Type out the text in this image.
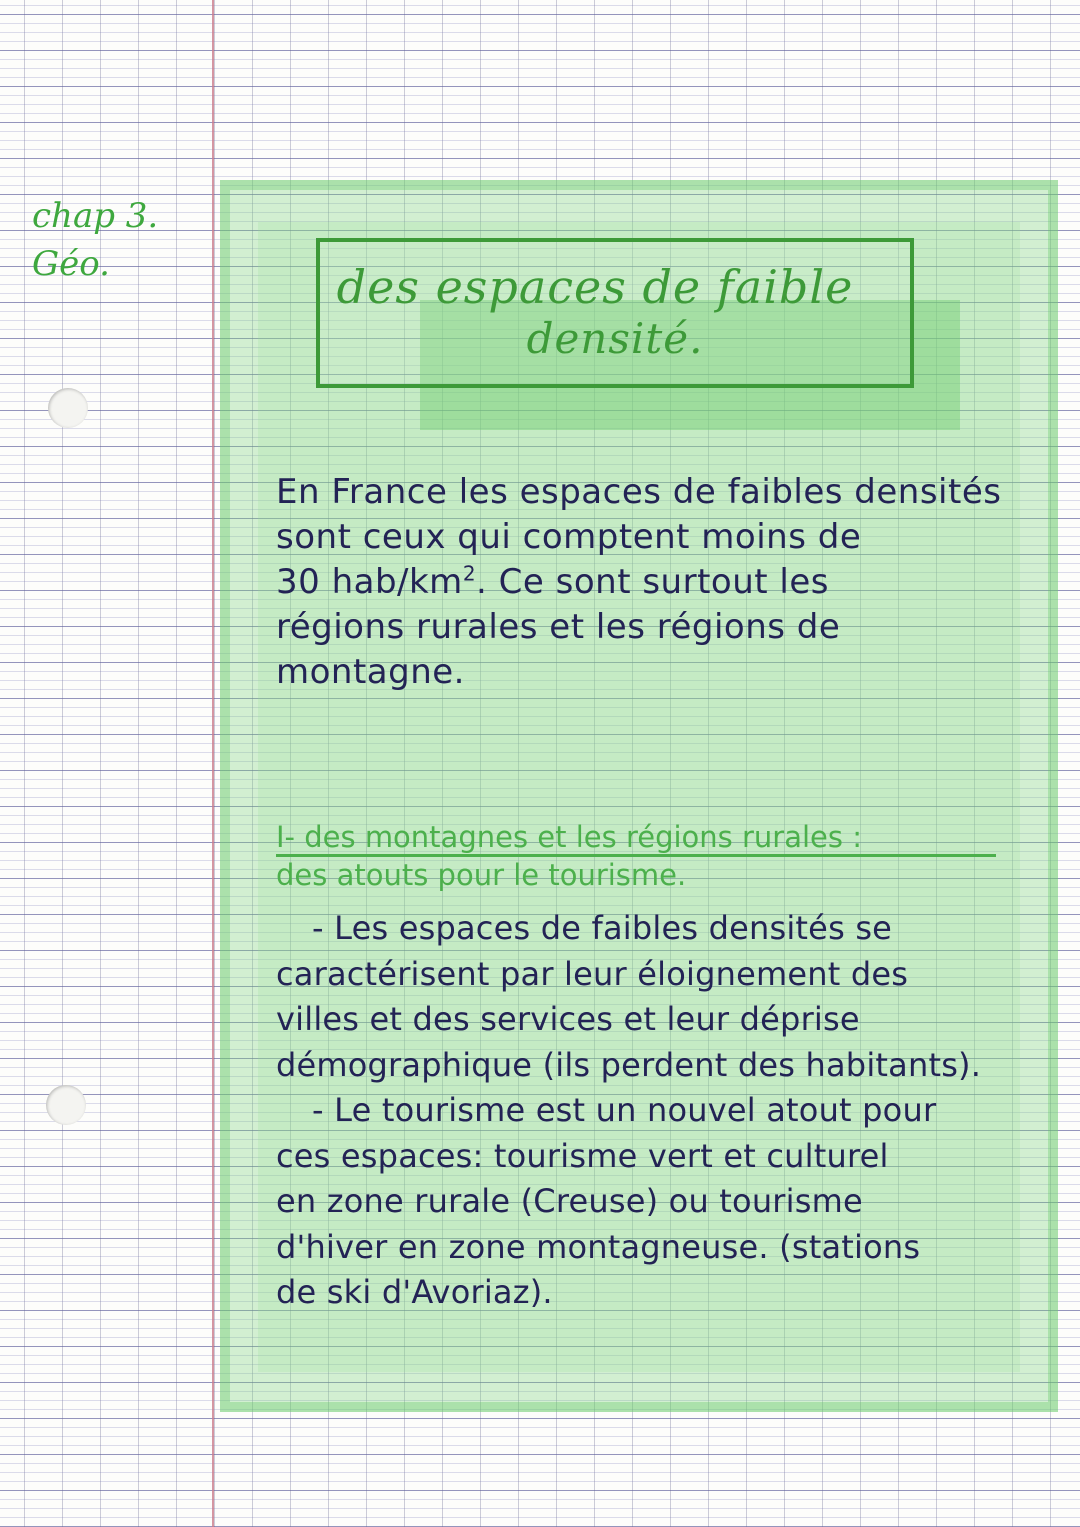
chap 3.
Géo.	des espaces de faible
densité.
En France les espaces de faibles densités
sont ceux qui comptent moins de
30 hab/$km^2$. Ce sont surtout les
régions rurales et les régions de
montagne.
I- des montagnes et les régions rurales :
des atouts pour le tourisme.
- Les espaces de faibles densités se
caractérisent par leur éloignement des
villes et des services et leur déprise
démographique (ils perdent des habitants).
- Le tourisme est un nouvel atout pour
ces espaces: tourisme vert et culturel
en zone rurale (Creuse) ou tourisme
d'hiver en zone montagneuse. (stations
de ski d'Avoriaz).
